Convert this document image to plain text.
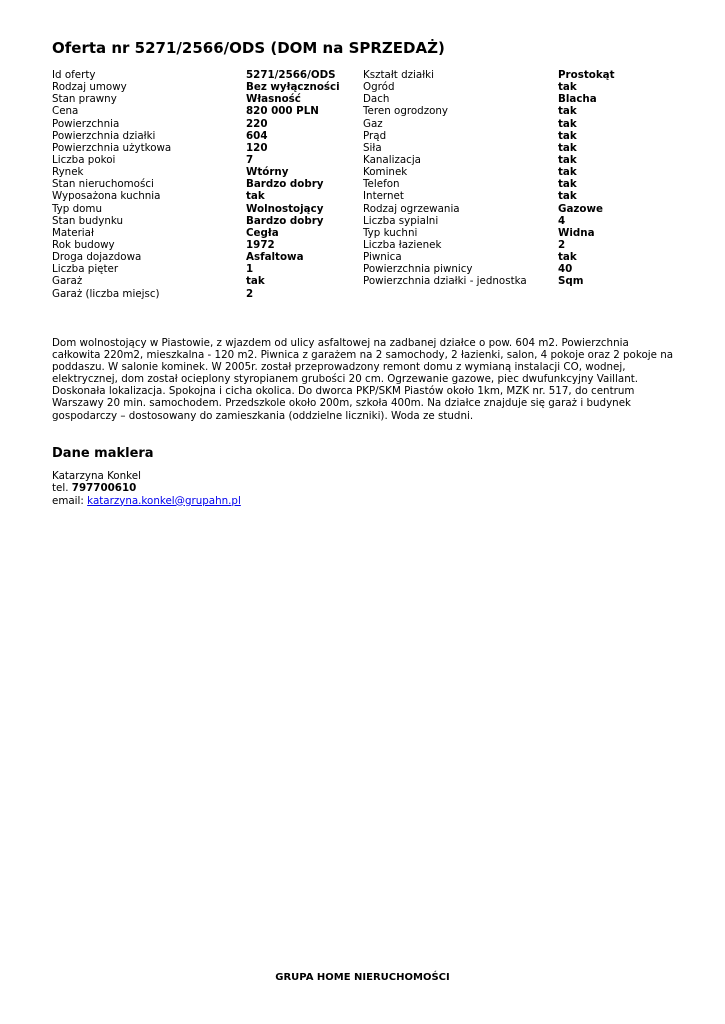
Oferta nr 5271/2566/ODS (DOM na SPRZEDAŻ)
Id oferty	5271/2566/ODS
Rodzaj umowy	Bez wyłączności
Stan prawny	Własność
Cena	820 000 PLN
Powierzchnia	220
Powierzchnia działki	604
Powierzchnia użytkowa	120
Liczba pokoi	7
Rynek	Wtórny
Stan nieruchomości	Bardzo dobry
Wyposażona kuchnia	tak
Typ domu	Wolnostojący
Stan budynku	Bardzo dobry
Materiał	Cegła
Rok budowy	1972
Droga dojazdowa	Asfaltowa
Liczba pięter	1
Garaż	tak
Garaż (liczba miejsc)	2
Kształt działki	Prostokąt
Ogród	tak
Dach	Blacha
Teren ogrodzony	tak
Gaz	tak
Prąd	tak
Siła	tak
Kanalizacja	tak
Kominek	tak
Telefon	tak
Internet	tak
Rodzaj ogrzewania	Gazowe
Liczba sypialni	4
Typ kuchni	Widna
Liczba łazienek	2
Piwnica	tak
Powierzchnia piwnicy	40
Powierzchnia działki - jednostka	Sqm

Dom wolnostojący w Piastowie, z wjazdem od ulicy asfaltowej na zadbanej działce o pow. 604 m2. Powierzchnia całkowita 220m2, mieszkalna - 120 m2. Piwnica z garażem na 2 samochody, 2 łazienki, salon, 4 pokoje oraz 2 pokoje na poddaszu. W salonie kominek. W 2005r. został przeprowadzony remont domu z wymianą instalacji CO, wodnej, elektrycznej, dom został ocieplony styropianem grubości 20 cm. Ogrzewanie gazowe, piec dwufunkcyjny Vaillant. Doskonała lokalizacja. Spokojna i cicha okolica. Do dworca PKP/SKM Piastów około 1km, MZK nr. 517, do centrum Warszawy 20 min. samochodem. Przedszkole około 200m, szkoła 400m. Na działce znajduje się garaż i budynek gospodarczy – dostosowany do zamieszkania (oddzielne liczniki). Woda ze studni.

Dane maklera
Katarzyna Konkel
tel. 797700610
email: katarzyna.konkel@grupahn.pl
GRUPA HOME NIERUCHOMOŚCI
